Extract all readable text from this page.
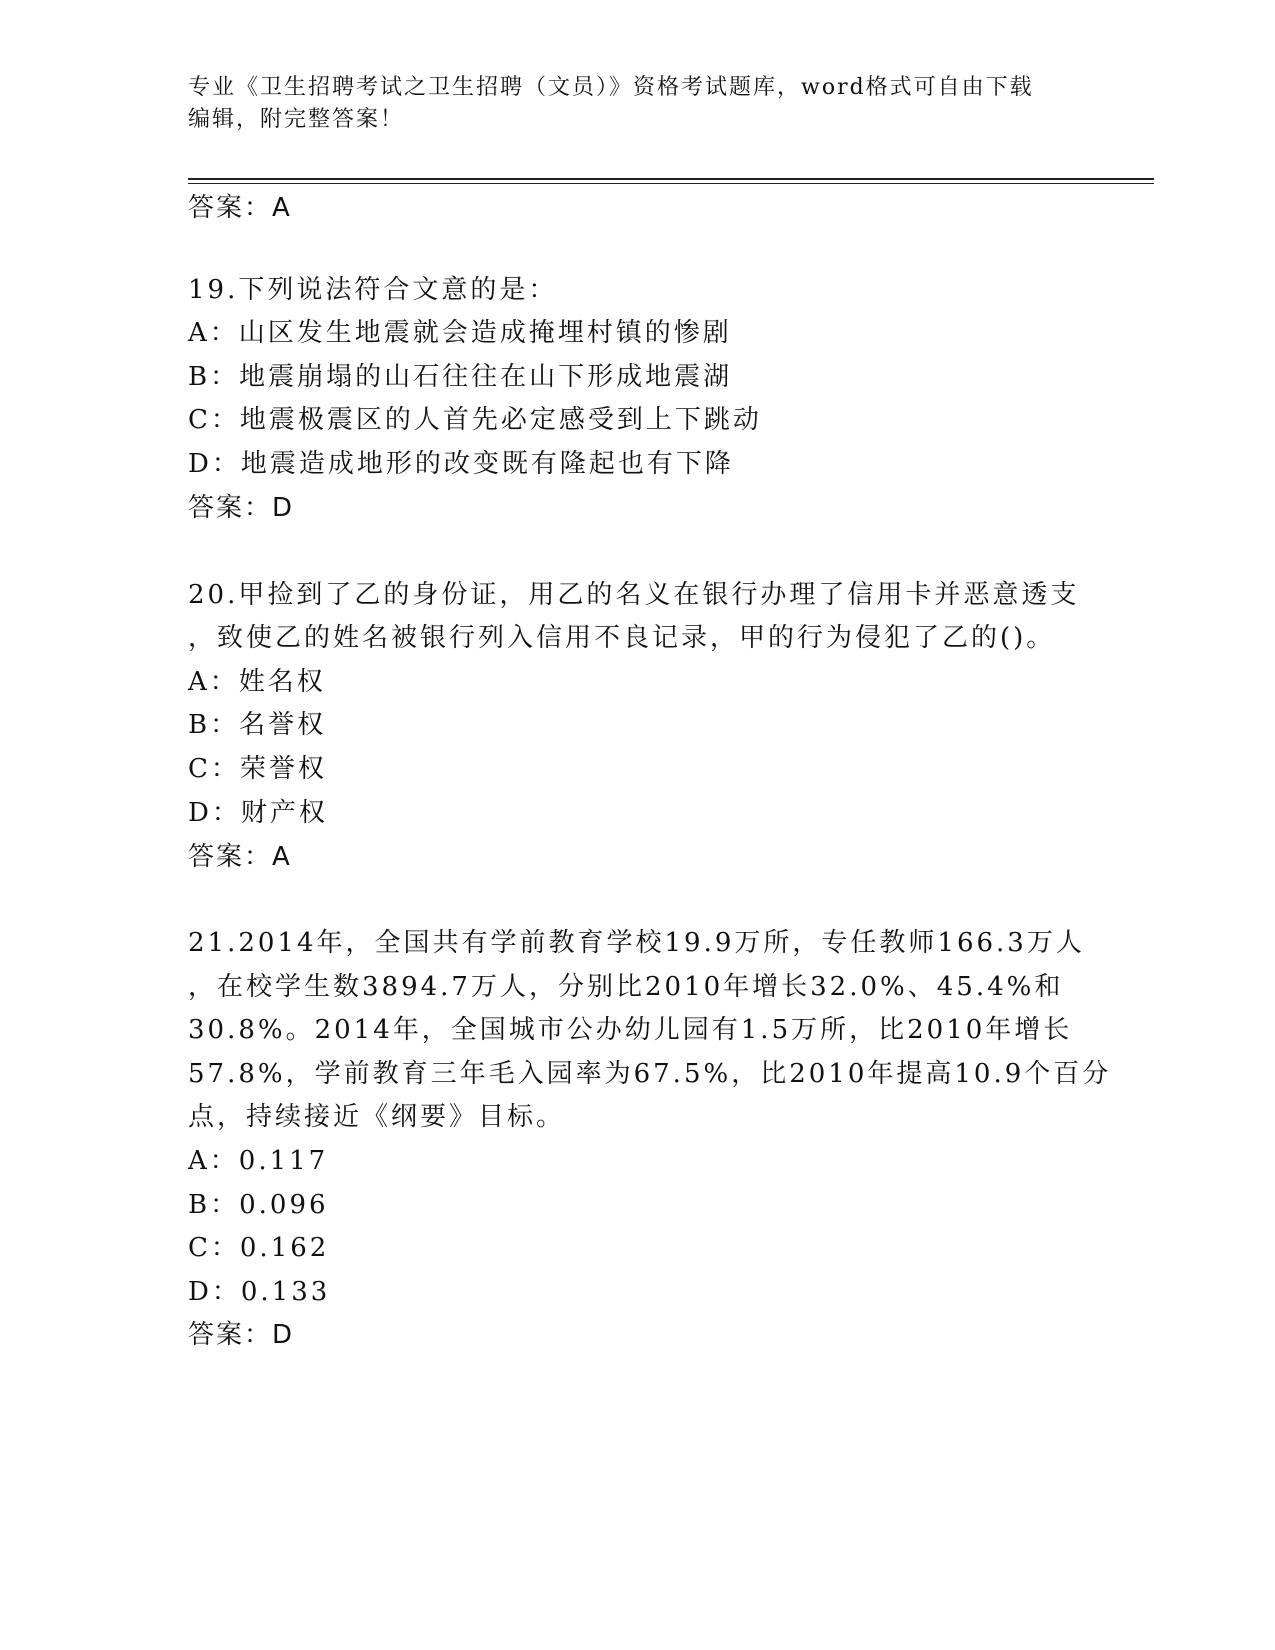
专业《卫生招聘考试之卫生招聘（文员）》资格考试题库，word格式可自由下载
编辑，附完整答案！
答案：A
19.下列说法符合文意的是：
A：山区发生地震就会造成掩埋村镇的惨剧
B：地震崩塌的山石往往在山下形成地震湖
C：地震极震区的人首先必定感受到上下跳动
D：地震造成地形的改变既有隆起也有下降
答案：D
20.甲捡到了乙的身份证，用乙的名义在银行办理了信用卡并恶意透支
，致使乙的姓名被银行列入信用不良记录，甲的行为侵犯了乙的()。
A：姓名权
B：名誉权
C：荣誉权
D：财产权
答案：A
21.2014年，全国共有学前教育学校19.9万所，专任教师166.3万人
，在校学生数3894.7万人，分别比2010年增长32.0%、45.4%和
30.8%。2014年，全国城市公办幼儿园有1.5万所，比2010年增长
57.8%，学前教育三年毛入园率为67.5%，比2010年提高10.9个百分
点，持续接近《纲要》目标。
A：0.117
B：0.096
C：0.162
D：0.133
答案：D
